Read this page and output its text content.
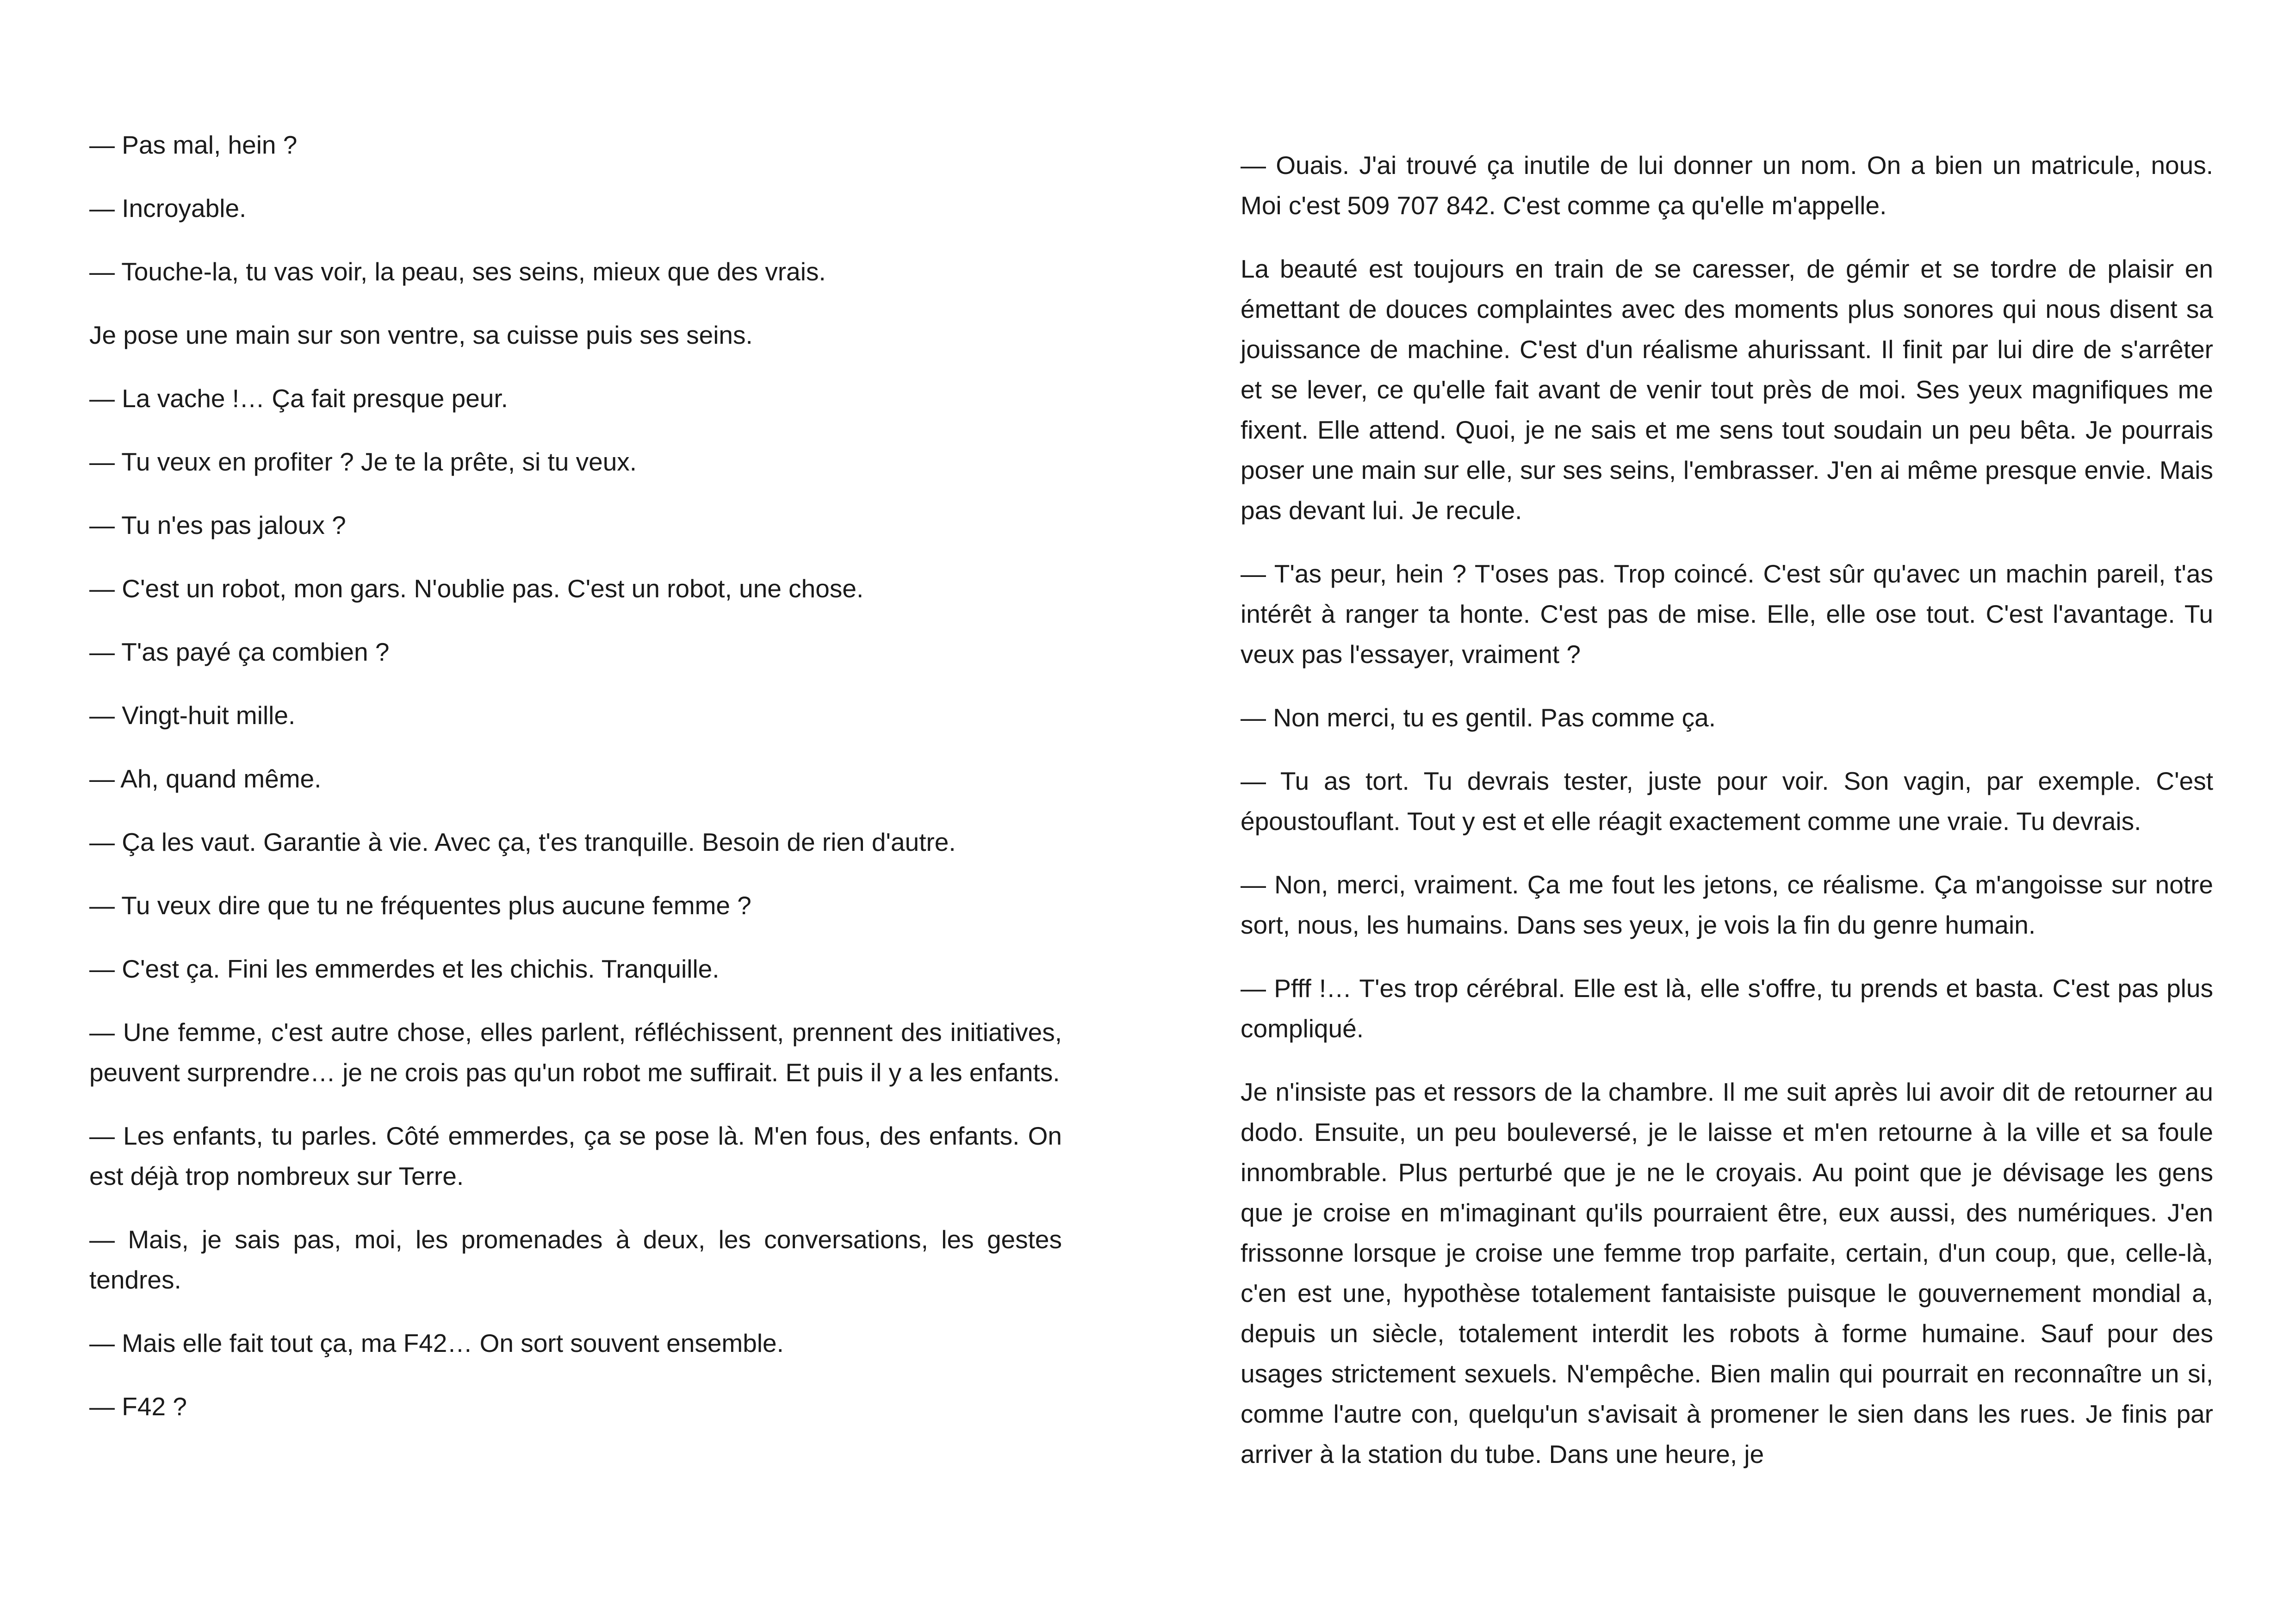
— Pas mal, hein ?

— Incroyable.

— Touche-la, tu vas voir, la peau, ses seins, mieux que des vrais.

Je pose une main sur son ventre, sa cuisse puis ses seins.

— La vache !… Ça fait presque peur.

— Tu veux en profiter ? Je te la prête, si tu veux.

— Tu n'es pas jaloux ?

— C'est un robot, mon gars. N'oublie pas. C'est un robot, une chose.

— T'as payé ça combien ?

— Vingt-huit mille.

— Ah, quand même.

— Ça les vaut. Garantie à vie. Avec ça, t'es tranquille. Besoin de rien d'autre.

— Tu veux dire que tu ne fréquentes plus aucune femme ?

— C'est ça. Fini les emmerdes et les chichis. Tranquille.

— Une femme, c'est autre chose, elles parlent, réfléchissent, prennent des initiatives, peuvent surprendre… je ne crois pas qu'un robot me suffirait. Et puis il y a les enfants.

— Les enfants, tu parles. Côté emmerdes, ça se pose là. M'en fous, des enfants. On est déjà trop nombreux sur Terre.

— Mais, je sais pas, moi, les promenades à deux, les conversations, les gestes tendres.

— Mais elle fait tout ça, ma F42… On sort souvent ensemble.

— F42 ?

— Ouais. J'ai trouvé ça inutile de lui donner un nom. On a bien un matricule, nous. Moi c'est 509 707 842. C'est comme ça qu'elle m'appelle.

La beauté est toujours en train de se caresser, de gémir et se tordre de plaisir en émettant de douces complaintes avec des moments plus sonores qui nous disent sa jouissance de machine. C'est d'un réalisme ahurissant. Il finit par lui dire de s'arrêter et se lever, ce qu'elle fait avant de venir tout près de moi. Ses yeux magnifiques me fixent. Elle attend. Quoi, je ne sais et me sens tout soudain un peu bêta. Je pourrais poser une main sur elle, sur ses seins, l'embrasser. J'en ai même presque envie. Mais pas devant lui. Je recule.

— T'as peur, hein ? T'oses pas. Trop coincé. C'est sûr qu'avec un machin pareil, t'as intérêt à ranger ta honte. C'est pas de mise. Elle, elle ose tout. C'est l'avantage. Tu veux pas l'essayer, vraiment ?

— Non merci, tu es gentil. Pas comme ça.

— Tu as tort. Tu devrais tester, juste pour voir. Son vagin, par exemple. C'est époustouflant. Tout y est et elle réagit exactement comme une vraie. Tu devrais.

— Non, merci, vraiment. Ça me fout les jetons, ce réalisme. Ça m'angoisse sur notre sort, nous, les humains. Dans ses yeux, je vois la fin du genre humain.

— Pfff !… T'es trop cérébral. Elle est là, elle s'offre, tu prends et basta. C'est pas plus compliqué.

Je n'insiste pas et ressors de la chambre. Il me suit après lui avoir dit de retourner au dodo. Ensuite, un peu bouleversé, je le laisse et m'en retourne à la ville et sa foule innombrable. Plus perturbé que je ne le croyais. Au point que je dévisage les gens que je croise en m'imaginant qu'ils pourraient être, eux aussi, des numériques. J'en frissonne lorsque je croise une femme trop parfaite, certain, d'un coup, que, celle-là, c'en est une, hypothèse totalement fantaisiste puisque le gouvernement mondial a, depuis un siècle, totalement interdit les robots à forme humaine. Sauf pour des usages strictement sexuels. N'empêche. Bien malin qui pourrait en reconnaître un si, comme l'autre con, quelqu'un s'avisait à promener le sien dans les rues. Je finis par arriver à la station du tube. Dans une heure, je
